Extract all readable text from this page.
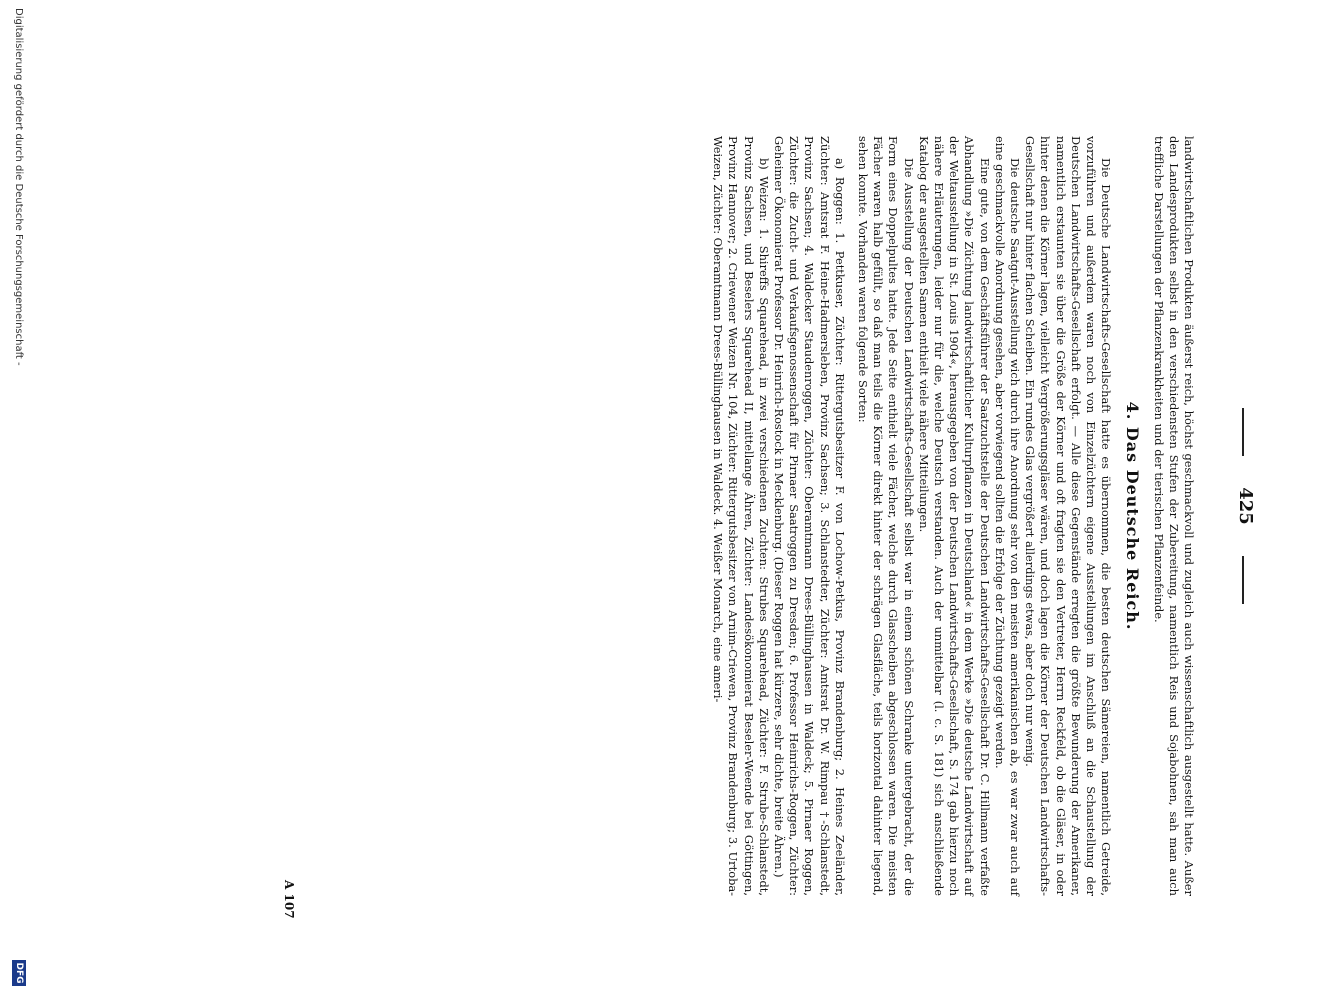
425

landwirtschaftlichen Produkten äußerst reich, höchst geschmackvoll und zugleich auch wissenschaftlich ausgestellt hatte. Außer den Landesprodukten selbst in den verschiedensten Stufen der Zubereitung, namentlich Reis und Sojabohnen, sah man auch treffliche Darstellungen der Pflanzenkrankheiten und der tierischen Pflanzenfeinde.

4. Das Deutsche Reich.

Die Deutsche Landwirtschafts-Gesellschaft hatte es übernommen, die besten deutschen Sämereien, namentlich Getreide, vorzuführen und außerdem waren noch von Einzelzüchtern eigene Ausstellungen im Anschluß an die Schaustellung der Deutschen Landwirtschafts-Gesellschaft erfolgt. — Alle diese Gegenstände erregten die größte Bewunderung der Amerikaner, namentlich erstaunten sie über die Größe der Körner und oft fragten sie den Vertreter, Herrn Reckfeld, ob die Gläser, in oder hinter denen die Körner lagen, vielleicht Vergrößerungsgläser wären, und doch lagen die Körner der Deutschen Landwirtschafts-Gesellschaft nur hinter flachen Scheiben. Ein rundes Glas vergrößert allerdings etwas, aber doch nur wenig.

Die deutsche Saatgut-Ausstellung wich durch ihre Anordnung sehr von den meisten amerikanischen ab, es war zwar auch auf eine geschmackvolle Anordnung gesehen, aber vorwiegend sollten die Erfolge der Züchtung gezeigt werden.

Eine gute, von dem Geschäftsführer der Saatzuchtstelle der Deutschen Landwirtschafts-Gesellschaft Dr. C. Hillmann verfaßte Abhandlung »Die Züchtung landwirtschaftlicher Kulturpflanzen in Deutschland« in dem Werke »Die deutsche Landwirtschaft auf der Weltausstellung in St. Louis 1904«, herausgegeben von der Deutschen Landwirtschafts-Gesellschaft, S. 174 gab hierzu noch nähere Erläuterungen, leider nur für die, welche Deutsch verstanden. Auch der unmittelbar (l. c. S. 181) sich anschließende Katalog der ausgestellten Samen enthielt viele nähere Mitteilungen.

Die Ausstellung der Deutschen Landwirtschafts-Gesellschaft selbst war in einem schönen Schranke untergebracht, der die Form eines Doppelpultes hatte. Jede Seite enthielt viele Fächer, welche durch Glasscheiben abgeschlossen waren. Die meisten Fächer waren halb gefüllt, so daß man teils die Körner direkt hinter der schrägen Glasfläche, teils horizontal dahinter liegend, sehen konnte. Vorhanden waren folgende Sorten:

a) Roggen: 1. Pettkuser, Züchter: Rittergutsbesitzer F. von Lochow-Petkus, Provinz Brandenburg; 2. Heines Zeeländer, Züchter: Amtsrat F. Heine-Hadmersleben, Provinz Sachsen; 3. Schlanstedter, Züchter: Amtsrat Dr. W. Rimpau †-Schlanstedt, Provinz Sachsen; 4. Waldecker Staudenroggen, Züchter: Oberamtmann Drees-Büllinghausen in Waldeck; 5. Pirnaer Roggen, Züchter: die Zucht- und Verkaufsgenossenschaft für Pirnaer Saatroggen zu Dresden; 6. Professor Heinrichs-Roggen, Züchter: Geheimer Ökonomierat Professor Dr. Heinrich-Rostock in Mecklenburg. (Dieser Roggen hat kürzere, sehr dichte, breite Ähren.)

b) Weizen: 1. Shireffs Squarehead, in zwei verschiedenen Zuchten: Strubes Squarehead, Züchter: F. Strube-Schlanstedt, Provinz Sachsen, und Beselers Squarehead II, mittellange Ähren, Züchter: Landesökonomierat Beseler-Weende bei Göttingen, Provinz Hannover; 2. Criewener Weizen Nr. 104, Züchter: Rittergutsbesitzer von Arnim-Criewen, Provinz Brandenburg; 3. Urtoba-Weizen, Züchter: Oberamtmann Drees-Büllinghausen in Waldeck. 4. Weißer Monarch, eine ameri-

A 107
Digitalisierung gefördert durch die Deutsche Forschungsgemeinschaft -
DFG
